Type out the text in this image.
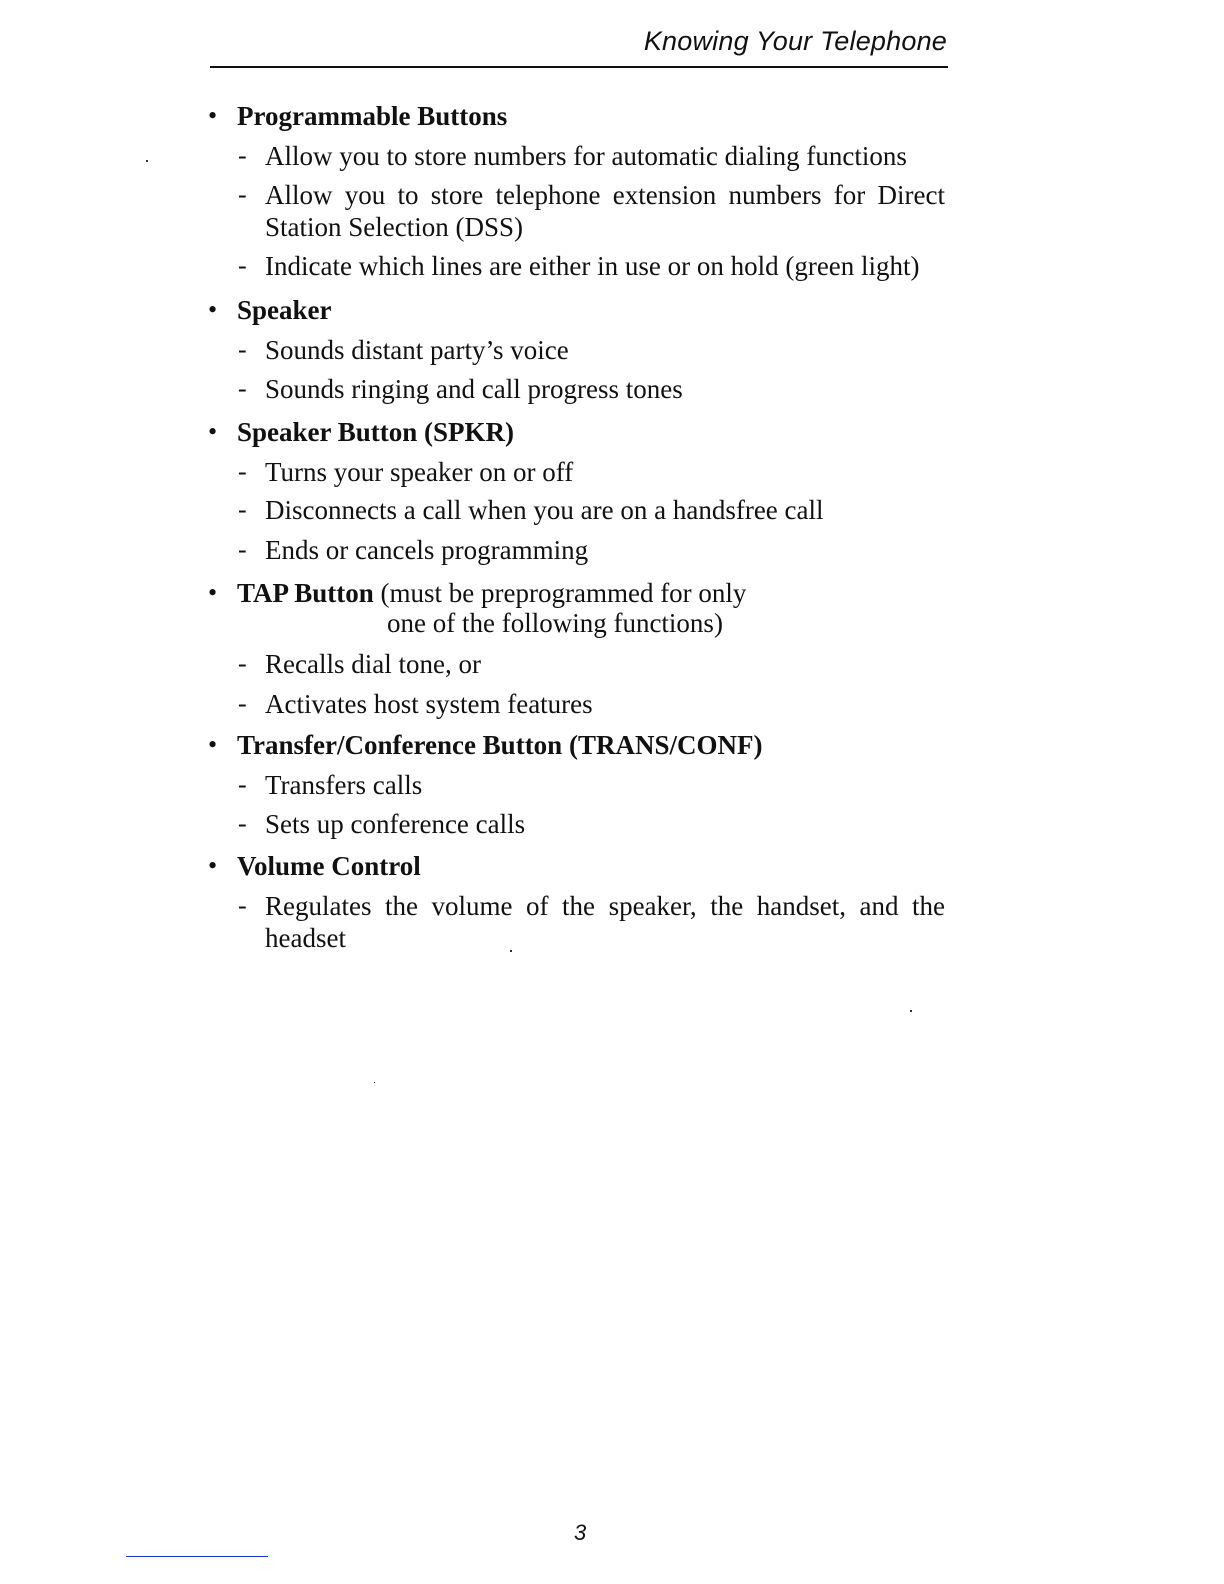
Knowing Your Telephone
• Programmable Buttons
- Allow you to store numbers for automatic dialing functions
- Allow you to store telephone extension numbers for Direct Station Selection (DSS)
- Indicate which lines are either in use or on hold (green light)
• Speaker
- Sounds distant party’s voice
- Sounds ringing and call progress tones
• Speaker Button (SPKR)
- Turns your speaker on or off
- Disconnects a call when you are on a handsfree call
- Ends or cancels programming
• TAP Button (must be preprogrammed for only
one of the following functions)
- Recalls dial tone, or
- Activates host system features
• Transfer/Conference Button (TRANS/CONF)
- Transfers calls
- Sets up conference calls
• Volume Control
- Regulates the volume of the speaker, the handset, and the headset

3
